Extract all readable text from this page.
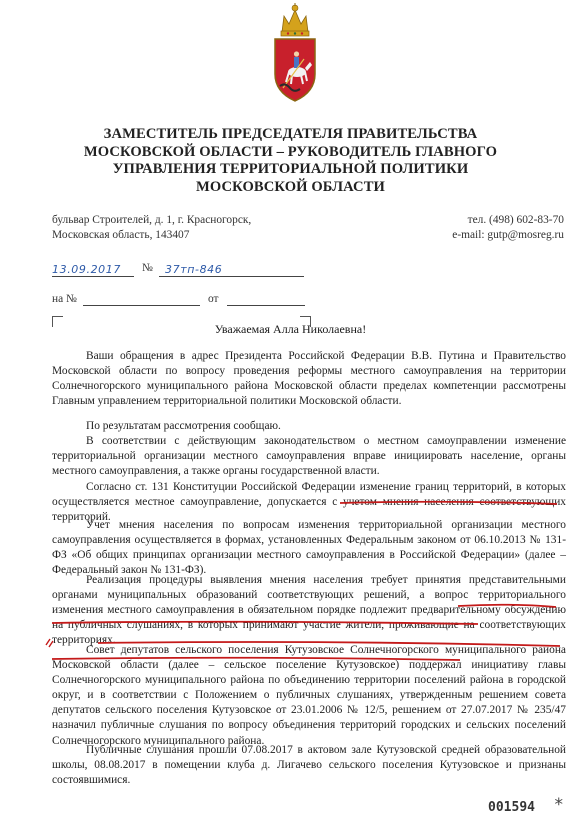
ЗАМЕСТИТЕЛЬ ПРЕДСЕДАТЕЛЯ ПРАВИТЕЛЬСТВА
МОСКОВСКОЙ ОБЛАСТИ – РУКОВОДИТЕЛЬ ГЛАВНОГО
УПРАВЛЕНИЯ ТЕРРИТОРИАЛЬНОЙ ПОЛИТИКИ
МОСКОВСКОЙ ОБЛАСТИ
бульвар Строителей, д. 1, г. Красногорск,
Московская область, 143407
тел. (498) 602-83-70
e-mail: gutp@mosreg.ru
13.09.2017	№	37тп-846
на №	от
Уважаемая Алла Николаевна!

Ваши обращения в адрес Президента Российской Федерации В.В. Путина и Правительство Московской области по вопросу проведения реформы местного самоуправления на территории Солнечногорского муниципального района Московской области пределах компетенции рассмотрены Главным управлением территориальной политики Московской области.

По результатам рассмотрения сообщаю.

В соответствии с действующим законодательством о местном самоуправлении изменение территориальной организации местного самоуправления вправе инициировать население, органы местного самоуправления, а также органы государственной власти.

Согласно ст. 131 Конституции Российской Федерации изменение границ территорий, в которых осуществляется местное самоуправление, допускается с учетом мнения населения соответствующих территорий.

Учет мнения населения по вопросам изменения территориальной организации местного самоуправления осуществляется в формах, установленных Федеральным законом от 06.10.2013 № 131-ФЗ «Об общих принципах организации местного самоуправления в Российской Федерации» (далее – Федеральный закон № 131-ФЗ).

Реализация процедуры выявления мнения населения требует принятия представительными органами муниципальных образований соответствующих решений, а вопрос территориального изменения местного самоуправления в обязательном порядке подлежит предварительному обсуждению на публичных слушаниях, в которых принимают участие жители, проживающие на соответствующих территориях.

Совет депутатов сельского поселения Кутузовское Солнечногорского муниципального района Московской области (далее – сельское поселение Кутузовское) поддержал инициативу главы Солнечногорского муниципального района по объединению территории поселений района в городской округ, и в соответствии с Положением о публичных слушаниях, утвержденным решением совета депутатов сельского поселения Кутузовское от 23.01.2006 № 12/5, решением от 27.07.2017 № 235/47 назначил публичные слушания по вопросу объединения территорий городских и сельских поселений Солнечногорского муниципального района.

Публичные слушания прошли 07.08.2017 в актовом зале Кутузовской средней образовательной школы, 08.08.2017 в помещении клуба д. Лигачево сельского поселения Кутузовское и признаны состоявшимися.

001594 *
